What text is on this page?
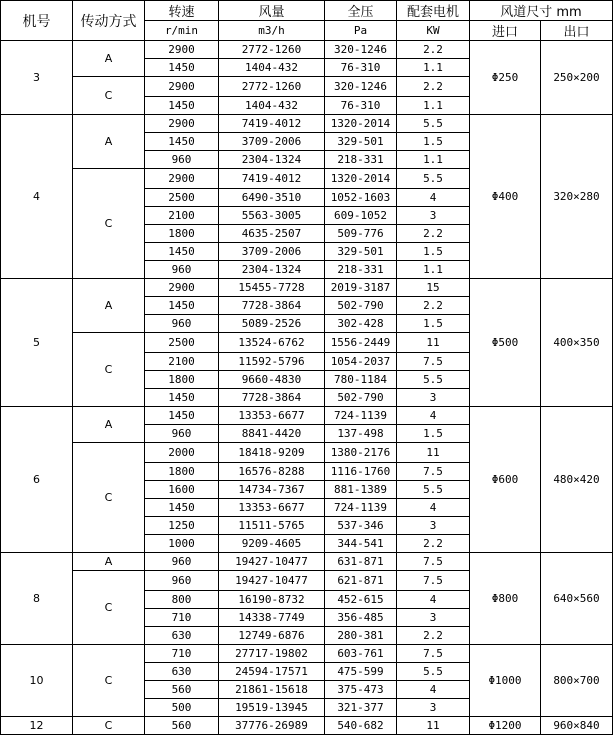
机号	传动方式	转速	风量	全压	配套电机	风道尺寸 mm	
		r/min	m3/h	Pa	KW	进口	出口
3	A	2900	2772-1260	320-1246	2.2	Φ250	250×200
		1450	1404-432	76-310	1.1		
	C	2900	2772-1260	320-1246	2.2		
		1450	1404-432	76-310	1.1		
4	A	2900	7419-4012	1320-2014	5.5	Φ400	320×280
		1450	3709-2006	329-501	1.5		
		960	2304-1324	218-331	1.1		
	C	2900	7419-4012	1320-2014	5.5		
		2500	6490-3510	1052-1603	4		
		2100	5563-3005	609-1052	3		
		1800	4635-2507	509-776	2.2		
		1450	3709-2006	329-501	1.5		
		960	2304-1324	218-331	1.1		
5	A	2900	15455-7728	2019-3187	15	Φ500	400×350
		1450	7728-3864	502-790	2.2		
		960	5089-2526	302-428	1.5		
	C	2500	13524-6762	1556-2449	11		
		2100	11592-5796	1054-2037	7.5		
		1800	9660-4830	780-1184	5.5		
		1450	7728-3864	502-790	3		
6	A	1450	13353-6677	724-1139	4	Φ600	480×420
		960	8841-4420	137-498	1.5		
	C	2000	18418-9209	1380-2176	11		
		1800	16576-8288	1116-1760	7.5		
		1600	14734-7367	881-1389	5.5		
		1450	13353-6677	724-1139	4		
		1250	11511-5765	537-346	3		
		1000	9209-4605	344-541	2.2		
8	A	960	19427-10477	631-871	7.5	Φ800	640×560
	C	960	19427-10477	621-871	7.5		
		800	16190-8732	452-615	4		
		710	14338-7749	356-485	3		
		630	12749-6876	280-381	2.2		
10	C	710	27717-19802	603-761	7.5	Φ1000	800×700
		630	24594-17571	475-599	5.5		
		560	21861-15618	375-473	4		
		500	19519-13945	321-377	3		
12	C	560	37776-26989	540-682	11	Φ1200	960×840
